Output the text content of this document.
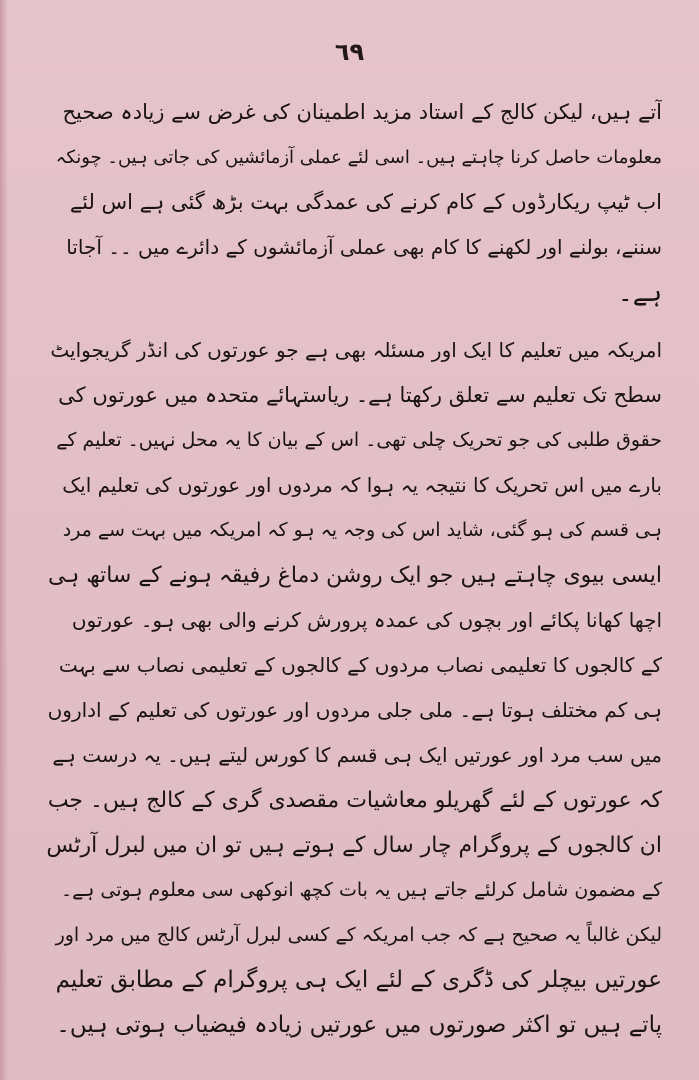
٦٩
آتے ہیں، لیکن کالج کے استاد مزید اطمینان کی غرض سے زیادہ صحیح
معلومات حاصل کرنا چاہتے ہیں۔ اسی لئے عملی آزمائشیں کی جاتی ہیں۔ چونکہ
اب ٹیپ ریکارڈوں کے کام کرنے کی عمدگی بہت بڑھ گئی ہے اس لئے
سننے، بولنے اور لکھنے کا کام بھی عملی آزمائشوں کے دائرے میں ۔۔ آجاتا
ہے۔
امریکہ میں تعلیم کا ایک اور مسئلہ بھی ہے جو عورتوں کی انڈر گریجوایٹ
سطح تک تعلیم سے تعلق رکھتا ہے۔ ریاستہائے متحدہ میں عورتوں کی
حقوق طلبی کی جو تحریک چلی تھی۔ اس کے بیان کا یہ محل نہیں۔ تعلیم کے
بارے میں اس تحریک کا نتیجہ یہ ہوا کہ مردوں اور عورتوں کی تعلیم ایک
ہی قسم کی ہو گئی، شاید اس کی وجہ یہ ہو کہ امریکہ میں بہت سے مرد
ایسی بیوی چاہتے ہیں جو ایک روشن دماغ رفیقہ ہونے کے ساتھ ہی
اچھا کھانا پکائے اور بچوں کی عمدہ پرورش کرنے والی بھی ہو۔ عورتوں
کے کالجوں کا تعلیمی نصاب مردوں کے کالجوں کے تعلیمی نصاب سے بہت
ہی کم مختلف ہوتا ہے۔ ملی جلی مردوں اور عورتوں کی تعلیم کے اداروں
میں سب مرد اور عورتیں ایک ہی قسم کا کورس لیتے ہیں۔ یہ درست ہے
کہ عورتوں کے لئے گھریلو معاشیات مقصدی گری کے کالج ہیں۔ جب
ان کالجوں کے پروگرام چار سال کے ہوتے ہیں تو ان میں لبرل آرٹس
کے مضمون شامل کرلئے جاتے ہیں یہ بات کچھ انوکھی سی معلوم ہوتی ہے۔
لیکن غالباً یہ صحیح ہے کہ جب امریکہ کے کسی لبرل آرٹس کالج میں مرد اور
عورتیں بیچلر کی ڈگری کے لئے ایک ہی پروگرام کے مطابق تعلیم
پاتے ہیں تو اکثر صورتوں میں عورتیں زیادہ فیضیاب ہوتی ہیں۔
